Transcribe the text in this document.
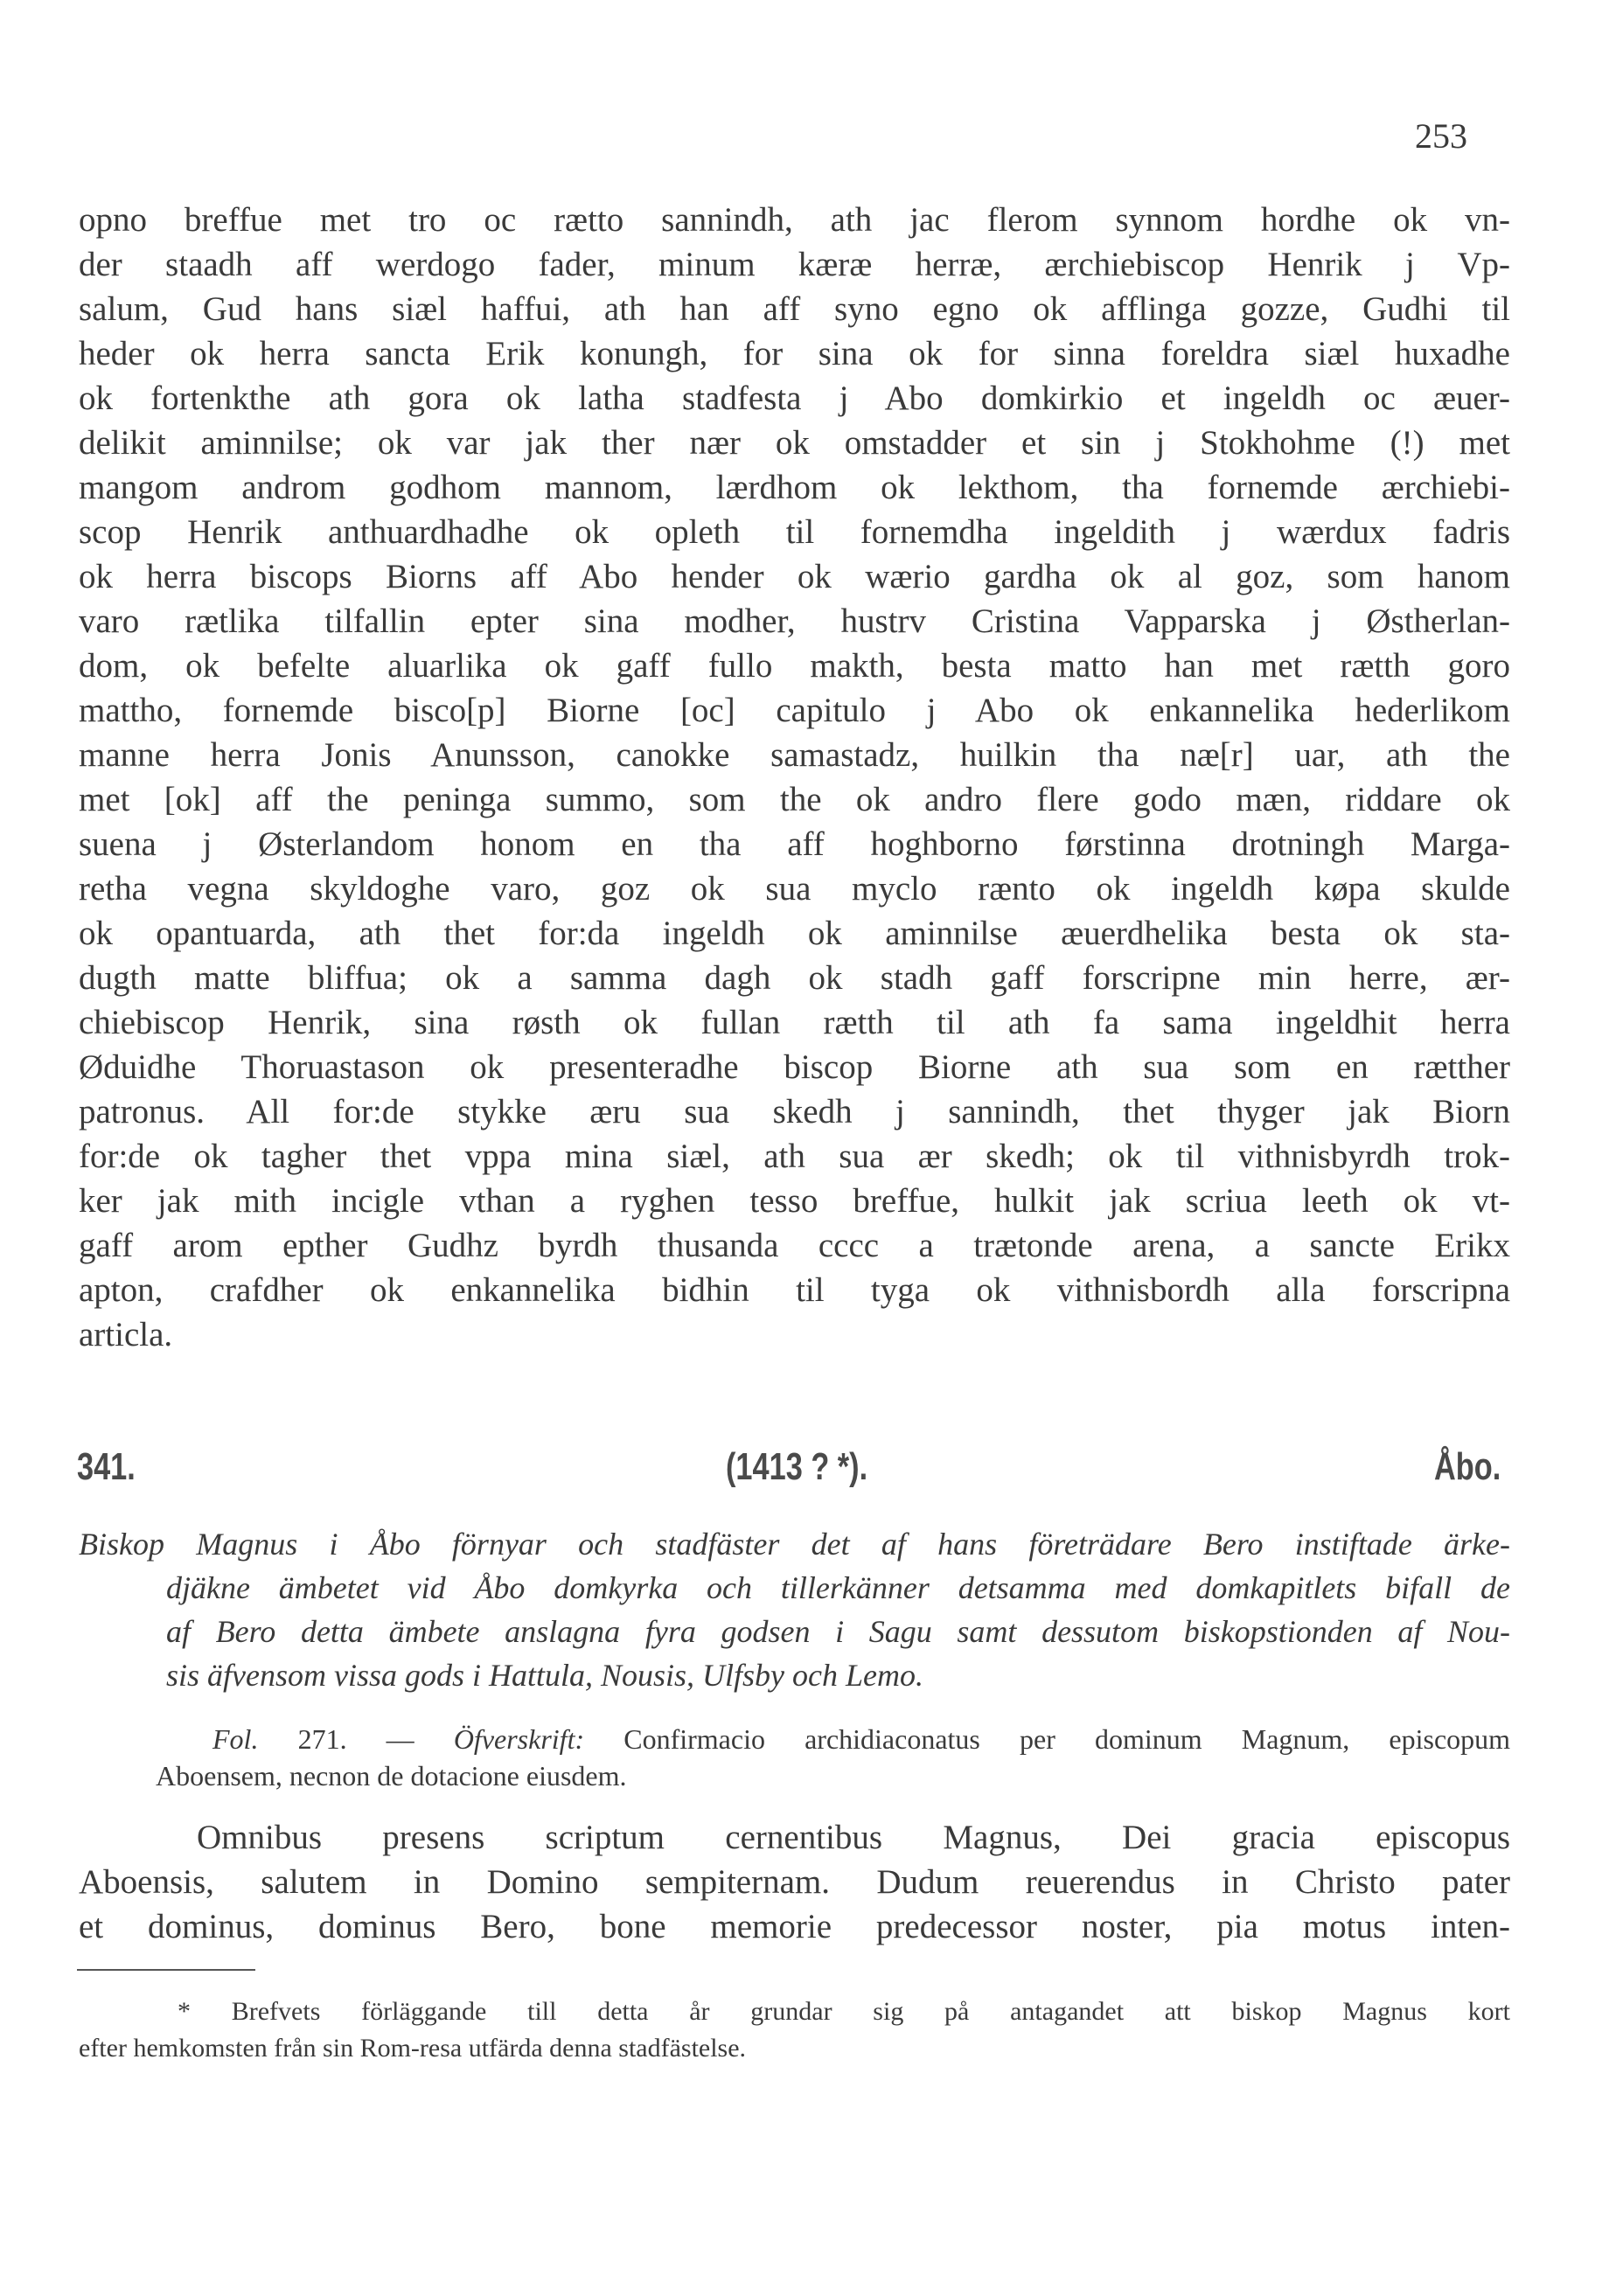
253
opno breffue met tro oc rætto sannindh, ath jac flerom synnom hordhe ok vn-
der staadh aff werdogo fader, minum kæræ herræ, ærchiebiscop Henrik j Vp-
salum, Gud hans siæl haffui, ath han aff syno egno ok afflinga gozze, Gudhi til
heder ok herra sancta Erik konungh, for sina ok for sinna foreldra siæl huxadhe
ok fortenkthe ath gora ok latha stadfesta j Abo domkirkio et ingeldh oc æuer-
delikit aminnilse; ok var jak ther nær ok omstadder et sin j Stokhohme (!) met
mangom androm godhom mannom, lærdhom ok lekthom, tha fornemde ærchiebi-
scop Henrik anthuardhadhe ok opleth til fornemdha ingeldith j wærdux fadris
ok herra biscops Biorns aff Abo hender ok wærio gardha ok al goz, som hanom
varo rætlika tilfallin epter sina modher, hustrv Cristina Vapparska j Østherlan-
dom, ok befelte aluarlika ok gaff fullo makth, besta matto han met rætth goro
mattho, fornemde bisco[p] Biorne [oc] capitulo j Abo ok enkannelika hederlikom
manne herra Jonis Anunsson, canokke samastadz, huilkin tha næ[r] uar, ath the
met [ok] aff the peninga summo, som the ok andro flere godo mæn, riddare ok
suena j Østerlandom honom en tha aff hoghborno førstinna drotningh Marga-
retha vegna skyldoghe varo, goz ok sua myclo rænto ok ingeldh køpa skulde
ok opantuarda, ath thet for:da ingeldh ok aminnilse æuerdhelika besta ok sta-
dugth matte bliffua; ok a samma dagh ok stadh gaff forscripne min herre, ær-
chiebiscop Henrik, sina røsth ok fullan rætth til ath fa sama ingeldhit herra
Øduidhe Thoruastason ok presenteradhe biscop Biorne ath sua som en rætther
patronus. All for:de stykke æru sua skedh j sannindh, thet thyger jak Biorn
for:de ok tagher thet vppa mina siæl, ath sua ær skedh; ok til vithnisbyrdh trok-
ker jak mith incigle vthan a ryghen tesso breffue, hulkit jak scriua leeth ok vt-
gaff arom epther Gudhz byrdh thusanda cccc a trætonde arena, a sancte Erikx
apton, crafdher ok enkannelika bidhin til tyga ok vithnisbordh alla forscripna
articla.
341.	(1413 ? *).	Åbo.
Biskop Magnus i Åbo förnyar och stadfäster det af hans företrädare Bero instiftade ärke-
djäkne ämbetet vid Åbo domkyrka och tillerkänner detsamma med domkapitlets bifall de
af Bero detta ämbete anslagna fyra godsen i Sagu samt dessutom biskopstionden af Nou-
sis äfvensom vissa gods i Hattula, Nousis, Ulfsby och Lemo.
Fol. 271. — Öfverskrift: Confirmacio archidiaconatus per dominum Magnum, episcopum
Aboensem, necnon de dotacione eiusdem.
Omnibus presens scriptum cernentibus Magnus, Dei gracia episcopus
Aboensis, salutem in Domino sempiternam. Dudum reuerendus in Christo pater
et dominus, dominus Bero, bone memorie predecessor noster, pia motus inten-
* Brefvets förläggande till detta år grundar sig på antagandet att biskop Magnus kort
efter hemkomsten från sin Rom-resa utfärda denna stadfästelse.
